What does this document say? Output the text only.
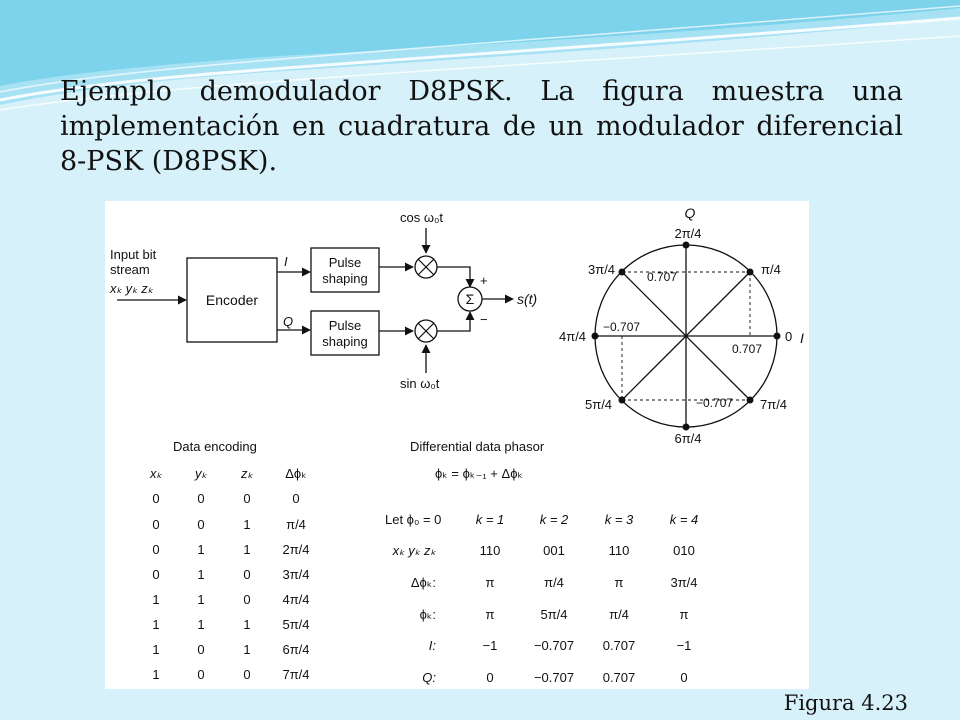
Ejemplo demodulador D8PSK. La figura muestra una implementación en cuadratura de un modulador diferencial 8-PSK (D8PSK).
Input bit
stream
xₖ yₖ zₖ
Encoder
I
Q
Pulse
shaping
Pulse
shaping
cos ω₀t
sin ω₀t
+
−
Σ	s(t)
Q
I
2π/4
π/4
3π/4
4π/4	0
5π/4	7π/4
6π/4
0.707
−0.707
0.707
−0.707
Data encoding
xₖ	yₖ	zₖ Δϕₖ
0	0	0	0
0	0	1	π/4
0	1	1 2π/4
0	1	0 3π/4
1	1	0 4π/4
1	1	1 5π/4
1	0	1 6π/4
1	0	0 7π/4
Differential data phasor
ϕₖ = ϕₖ₋₁ + Δϕₖ
Let ϕ₀ = 0	k = 1	k = 2	k = 3	k = 4
xₖ yₖ zₖ	110	001	110	010
Δϕₖ:	π	π/4	π	3π/4
ϕₖ:	π	5π/4	π/4	π
I:	−1	−0.707 0.707	−1
Q:	0	−0.707 0.707	0
Figura 4.23
